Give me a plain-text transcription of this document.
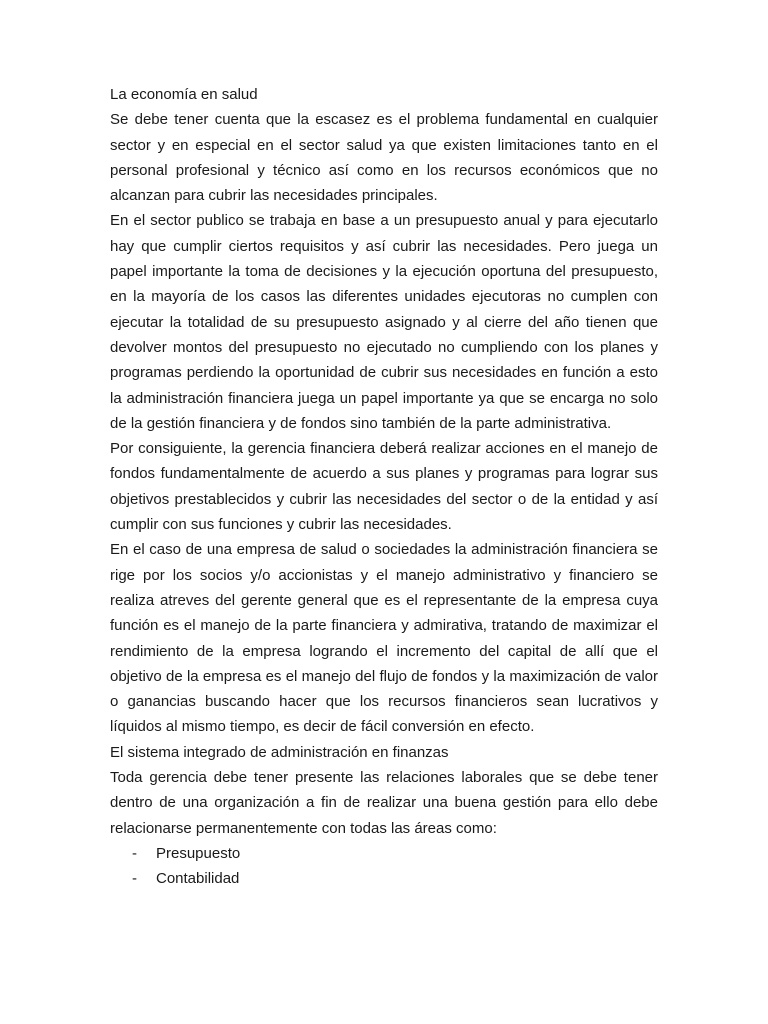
La economía en salud

Se debe tener cuenta que la escasez es el problema fundamental en cualquier sector y en especial en el sector salud ya que existen limitaciones tanto en el personal profesional y técnico así como en los recursos económicos que no alcanzan para cubrir las necesidades principales.

En el sector publico se trabaja en base a un presupuesto anual y para ejecutarlo hay que cumplir ciertos requisitos y así cubrir las necesidades. Pero juega un papel importante la toma de decisiones y la ejecución oportuna del presupuesto, en la mayoría de los casos las diferentes unidades ejecutoras no cumplen con ejecutar la totalidad de su presupuesto asignado y al cierre del año tienen que devolver montos del presupuesto no ejecutado no cumpliendo con los planes y programas perdiendo la oportunidad de cubrir sus necesidades en función a esto la administración financiera juega un papel importante ya que se encarga no solo de la gestión financiera y de fondos sino también de la parte administrativa.

Por consiguiente, la gerencia financiera deberá realizar acciones en el manejo de fondos fundamentalmente de acuerdo a sus planes y programas para lograr sus objetivos prestablecidos y cubrir las necesidades del sector o de la entidad y así cumplir con sus funciones y cubrir las necesidades.

En el caso de una empresa de salud o sociedades la administración financiera se rige por los socios y/o accionistas y el manejo administrativo y financiero se realiza atreves del gerente general que es el representante de la empresa cuya función es el manejo de la parte financiera y admirativa, tratando de maximizar el rendimiento de la empresa logrando el incremento del capital de allí que el objetivo de la empresa es el manejo del flujo de fondos y la maximización de valor o ganancias buscando hacer que los recursos financieros sean lucrativos y líquidos al mismo tiempo, es decir de fácil conversión en efecto.

El sistema integrado de administración en finanzas

Toda gerencia debe tener presente las relaciones laborales que se debe tener dentro de una organización a fin de realizar una buena gestión para ello debe relacionarse permanentemente con todas las áreas como:

- Presupuesto
- Contabilidad
